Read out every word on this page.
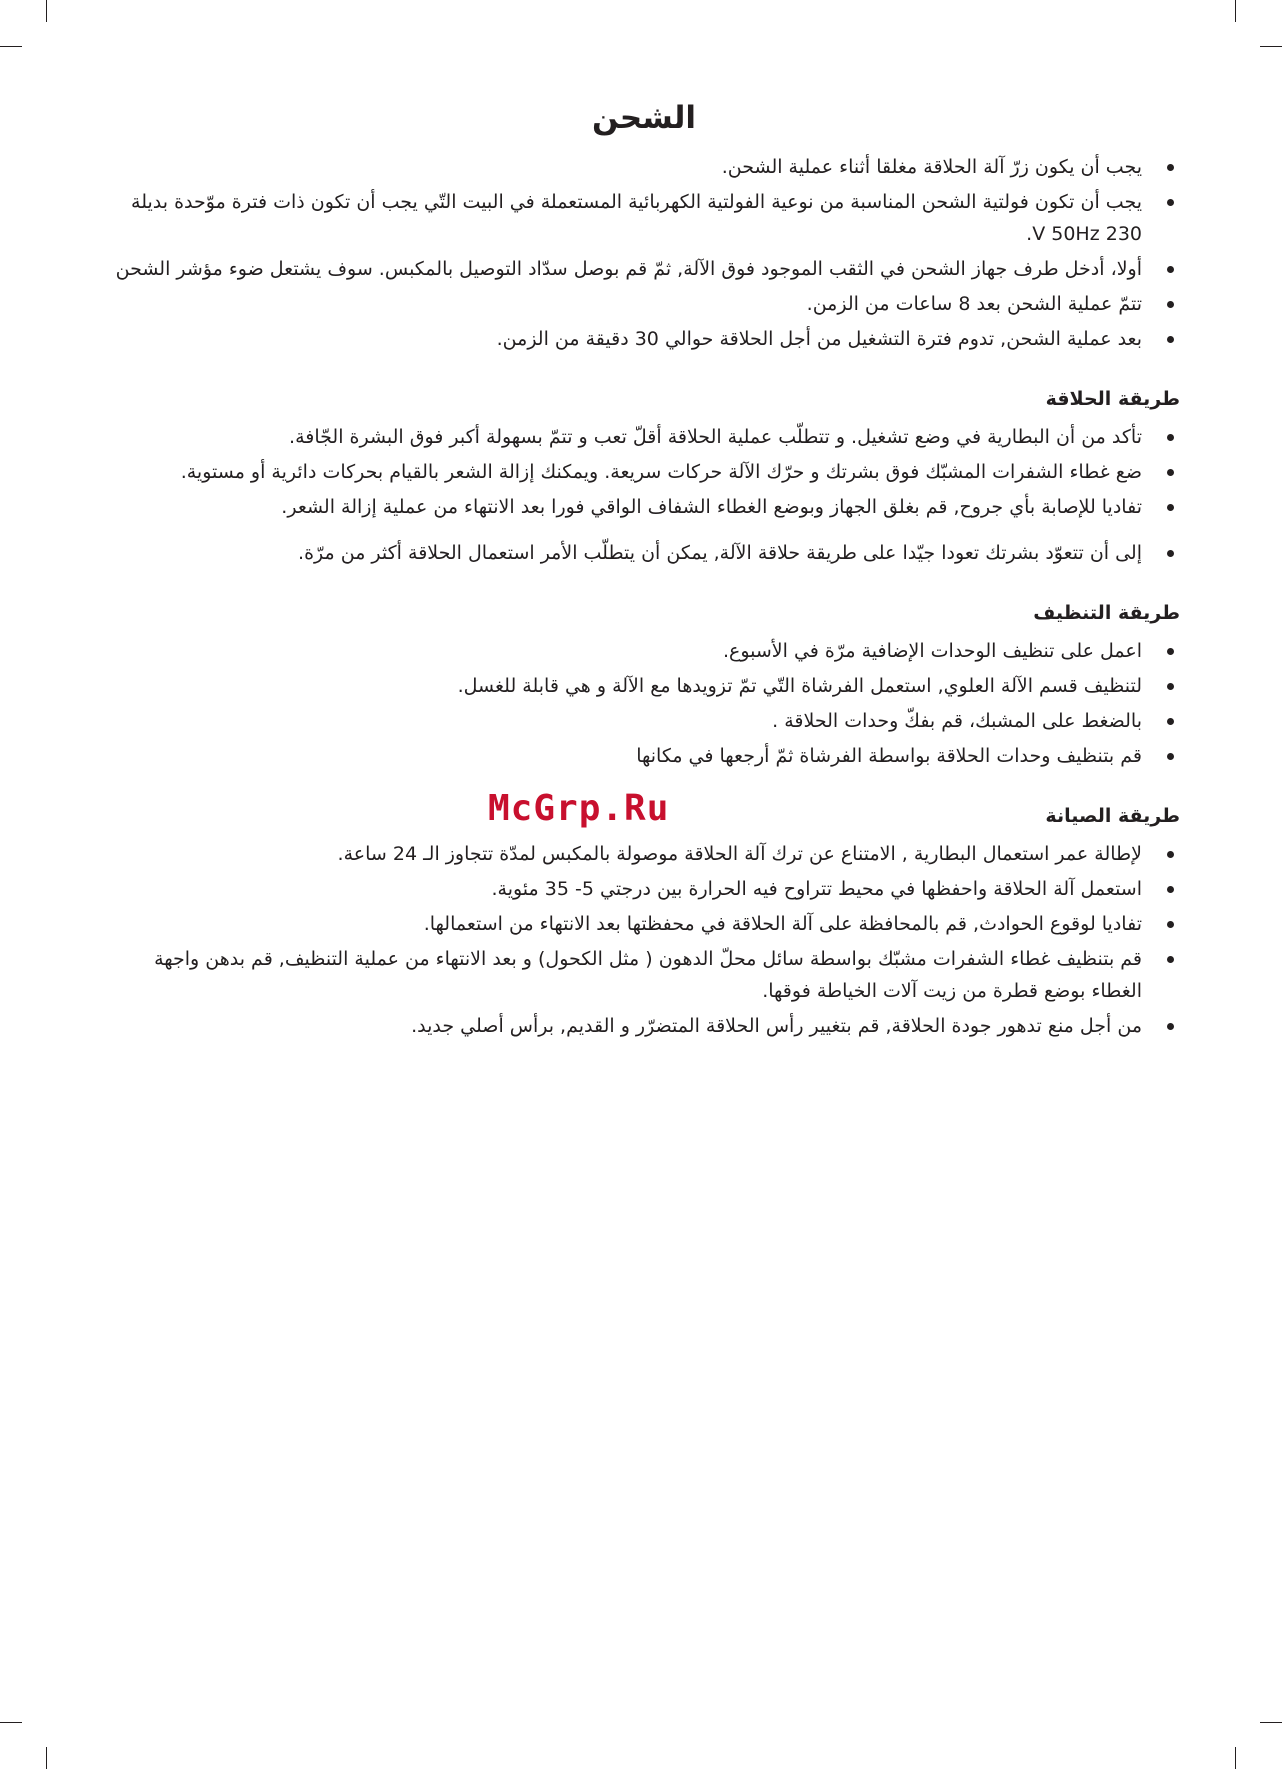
الشحن
يجب أن يكون زرّ آلة الحلاقة مغلقا أثناء عملية الشحن.
يجب أن تكون فولتية الشحن المناسبة من نوعية الفولتية الكهربائية المستعملة في البيت التّي يجب أن تكون ذات فترة موّحدة بديلة 230 V 50Hz.
أولا، أدخل طرف جهاز الشحن في الثقب الموجود فوق الآلة, ثمّ قم بوصل سدّاد التوصيل بالمكبس. سوف يشتعل ضوء مؤشر الشحن
تتمّ عملية الشحن بعد 8 ساعات من الزمن.
بعد عملية الشحن, تدوم فترة التشغيل من أجل الحلاقة حوالي 30 دقيقة من الزمن.
طريقة الحلاقة
تأكد من أن البطارية في وضع تشغيل. و تتطلّب عملية الحلاقة أقلّ تعب و تتمّ بسهولة أكبر فوق البشرة الجّافة.
ضع غطاء الشفرات المشبّك فوق بشرتك و حرّك الآلة حركات سريعة. ويمكنك إزالة الشعر بالقيام بحركات دائرية أو مستوية.
تفاديا للإصابة بأي جروح, قم بغلق الجهاز وبوضع الغطاء الشفاف الواقي فورا بعد الانتهاء من عملية إزالة الشعر.
إلى أن تتعوّد بشرتك تعودا جيّدا على طريقة حلاقة الآلة, يمكن أن يتطلّب الأمر استعمال الحلاقة أكثر من مرّة.
طريقة التنظيف
اعمل على تنظيف الوحدات الإضافية مرّة في الأسبوع.
لتنظيف قسم الآلة العلوي, استعمل الفرشاة التّي تمّ تزويدها مع الآلة و هي قابلة للغسل.
بالضغط على المشبك، قم بفكّ وحدات الحلاقة .
قم بتنظيف وحدات الحلاقة بواسطة الفرشاة ثمّ أرجعها في مكانها
طريقة الصيانة
McGrp.Ru
لإطالة عمر استعمال البطارية , الامتناع عن ترك آلة الحلاقة موصولة بالمكبس لمدّة تتجاوز الـ 24 ساعة.
استعمل آلة الحلاقة واحفظها في محيط تتراوح فيه الحرارة بين درجتي 5- 35 مئوية.
تفاديا لوقوع الحوادث, قم بالمحافظة على آلة الحلاقة في محفظتها بعد الانتهاء من استعمالها.
قم بتنظيف غطاء الشفرات مشبّك بواسطة سائل محلّ الدهون ( مثل الكحول) و بعد الانتهاء من عملية التنظيف, قم بدهن واجهة الغطاء بوضع قطرة من زيت آلات الخياطة فوقها.
من أجل منع تدهور جودة الحلاقة, قم بتغيير رأس الحلاقة المتضرّر و القديم, برأس أصلي جديد.
